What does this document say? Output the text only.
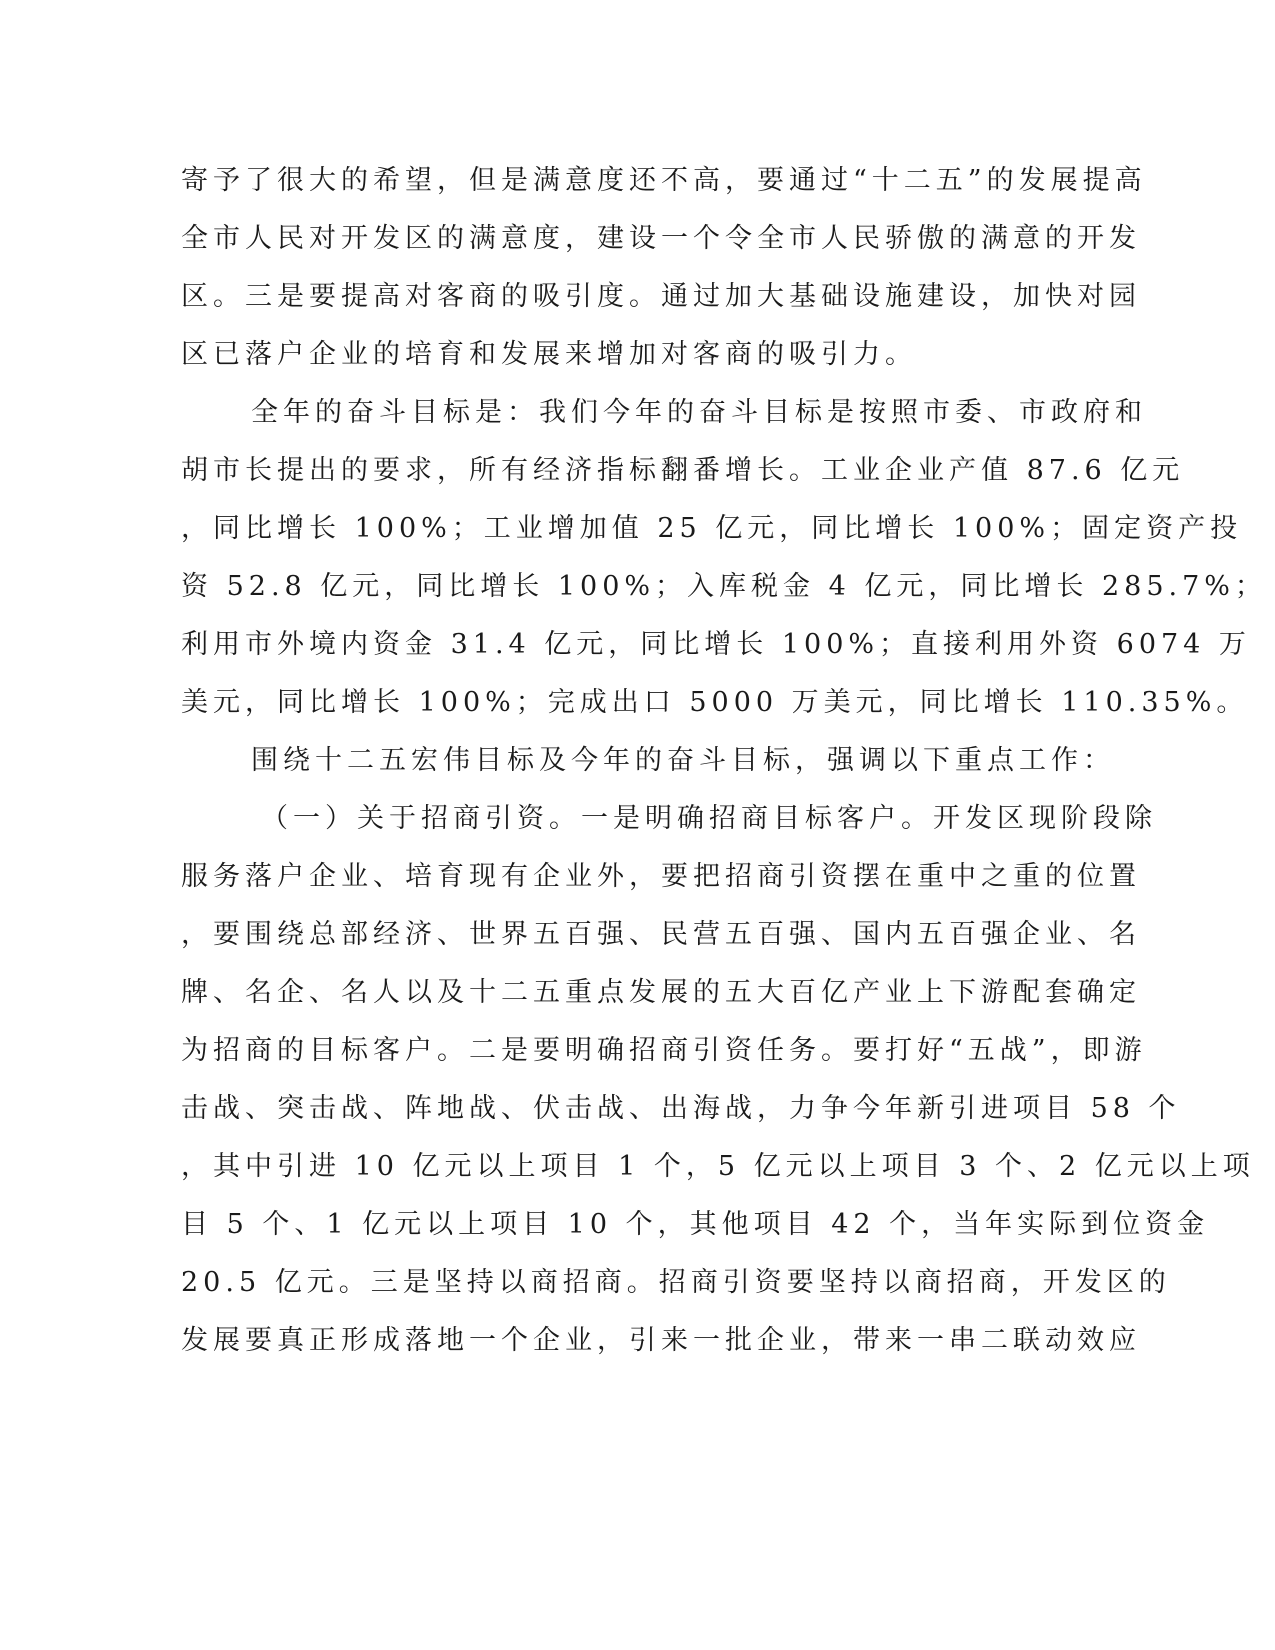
寄予了很大的希望，但是满意度还不高，要通过“十二五”的发展提高
全市人民对开发区的满意度，建设一个令全市人民骄傲的满意的开发
区。三是要提高对客商的吸引度。通过加大基础设施建设，加快对园
区已落户企业的培育和发展来增加对客商的吸引力。
全年的奋斗目标是：我们今年的奋斗目标是按照市委、市政府和
胡市长提出的要求，所有经济指标翻番增长。工业企业产值 87.6 亿元
，同比增长 100%；工业增加值 25 亿元，同比增长 100%；固定资产投
资 52.8 亿元，同比增长 100%；入库税金 4 亿元，同比增长 285.7%；
利用市外境内资金 31.4 亿元，同比增长 100%；直接利用外资 6074 万
美元，同比增长 100%；完成出口 5000 万美元，同比增长 110.35%。
围绕十二五宏伟目标及今年的奋斗目标，强调以下重点工作：
（一）关于招商引资。一是明确招商目标客户。开发区现阶段除
服务落户企业、培育现有企业外，要把招商引资摆在重中之重的位置
，要围绕总部经济、世界五百强、民营五百强、国内五百强企业、名
牌、名企、名人以及十二五重点发展的五大百亿产业上下游配套确定
为招商的目标客户。二是要明确招商引资任务。要打好“五战”，即游
击战、突击战、阵地战、伏击战、出海战，力争今年新引进项目 58 个
，其中引进 10 亿元以上项目 1 个，5 亿元以上项目 3 个、2 亿元以上项
目 5 个、1 亿元以上项目 10 个，其他项目 42 个，当年实际到位资金
20.5 亿元。三是坚持以商招商。招商引资要坚持以商招商，开发区的
发展要真正形成落地一个企业，引来一批企业，带来一串二联动效应
